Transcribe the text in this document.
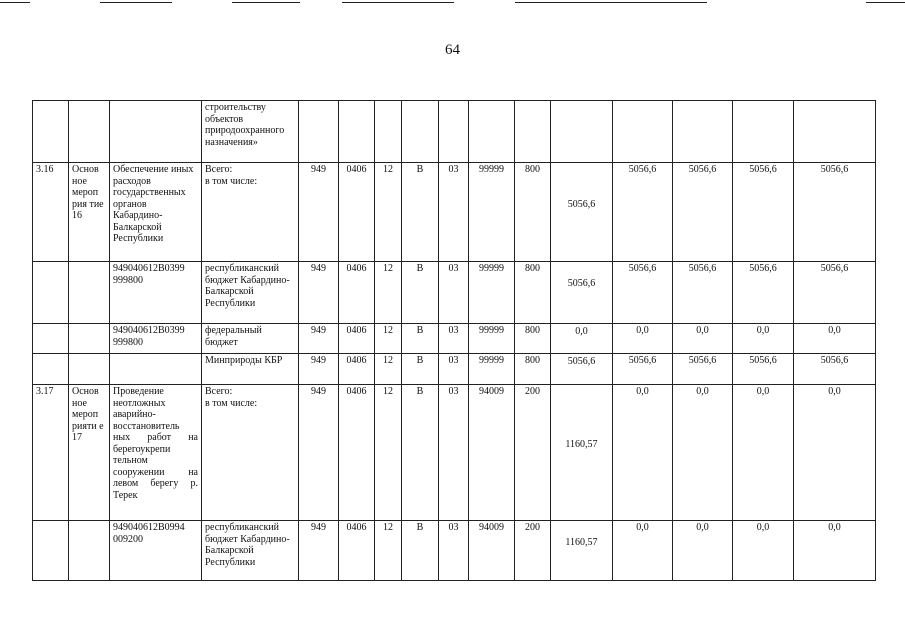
64
			строительству объектов природоохранного назначения»												
3.16	Основ ное мероп рия тие 16	Обеспечение иных расходов государственных органов Кабардино-Балкарской Республики	Всего:
в том числе:	949	0406	12	В	03	99999	800	5056,6	5056,6	5056,6	5056,6	5056,6
		949040612В0399 999800	республиканский бюджет Кабардино-Балкарской Республики	949	0406	12	В	03	99999	800	5056,6	5056,6	5056,6	5056,6	5056,6
		949040612В0399 999800	федеральный бюджет	949	0406	12	В	03	99999	800	0,0	0,0	0,0	0,0	0,0
			Минприроды КБР	949	0406	12	В	03	99999	800	5056,6	5056,6	5056,6	5056,6	5056,6
3.17	Основ ное мероп рияти е 17	Проведение неотложных аварийно-восстановитель ных работ на берегоукрепи тельном сооружении на левом берегу р. Терек	Всего:
в том числе:	949	0406	12	В	03	94009	200	1160,57	0,0	0,0	0,0	0,0
		949040612В0994 009200	республиканский бюджет Кабардино-Балкарской Республики	949	0406	12	В	03	94009	200	1160,57	0,0	0,0	0,0	0,0
